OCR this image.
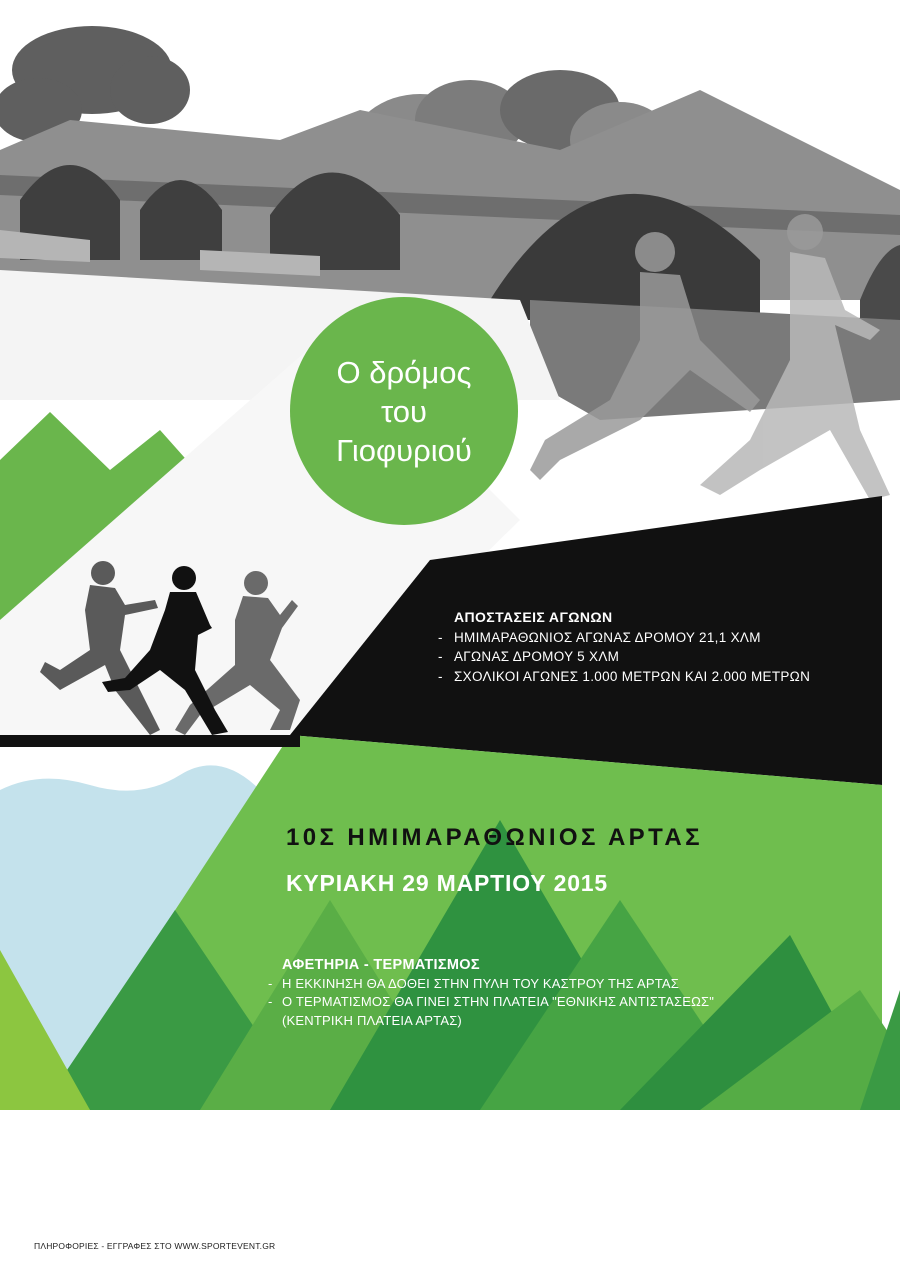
Ο δρόμος
του
Γιοφυριού
ΑΠΟΣΤΑΣΕΙΣ ΑΓΩΝΩΝ
- ΗΜΙΜΑΡΑΘΩΝΙΟΣ ΑΓΩΝΑΣ ΔΡΟΜΟΥ 21,1 ΧΛΜ
- ΑΓΩΝΑΣ ΔΡΟΜΟΥ 5 ΧΛΜ
- ΣΧΟΛΙΚΟΙ ΑΓΩΝΕΣ 1.000 ΜΕΤΡΩΝ ΚΑΙ 2.000 ΜΕΤΡΩΝ
10Σ ΗΜΙΜΑΡΑΘΩΝΙΟΣ ΑΡΤΑΣ
ΚΥΡΙΑΚΗ 29 ΜΑΡΤΙΟΥ 2015
ΑΦΕΤΗΡΙΑ - ΤΕΡΜΑΤΙΣΜΟΣ
- Η ΕΚΚΙΝΗΣΗ ΘΑ ΔΟΘΕΙ ΣΤΗΝ ΠΥΛΗ ΤΟΥ ΚΑΣΤΡΟΥ ΤΗΣ ΑΡΤΑΣ
- Ο ΤΕΡΜΑΤΙΣΜΟΣ ΘΑ ΓΙΝΕΙ ΣΤΗΝ ΠΛΑΤΕΙΑ "ΕΘΝΙΚΗΣ ΑΝΤΙΣΤΑΣΕΩΣ"
(ΚΕΝΤΡΙΚΗ ΠΛΑΤΕΙΑ ΑΡΤΑΣ)
ΠΛΗΡΟΦΟΡΙΕΣ - ΕΓΓΡΑΦΕΣ ΣΤΟ WWW.SPORTEVENT.GR
